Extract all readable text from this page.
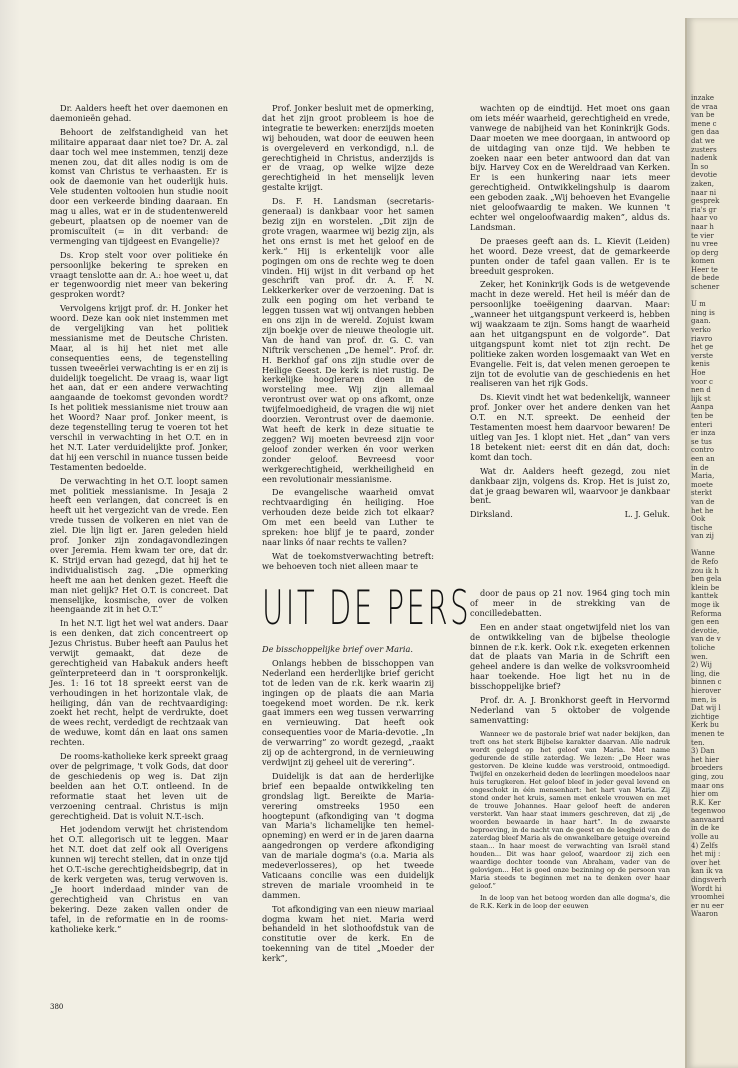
Dr. Aalders heeft het over daemonen en daemonieën gehad.

Behoort de zelfstandigheid van het militaire apparaat daar niet toe? Dr. A. zal daar toch wel mee instemmen, tenzij deze menen zou, dat dit alles nodig is om de komst van Christus te verhaasten. Er is ook de daemonie van het ouderlijk huis. Vele studenten voltooien hun studie nooit door een verkeerde binding daaraan. En mag u alles, wat er in de studentenwereld gebeurt, plaatsen op de noemer van de promiscuïteit (= in dit verband: de vermenging van tijdgeest en Evangelie)?

Ds. Krop stelt voor over politieke én persoonlijke bekering te spreken en vraagt tenslotte aan dr. A.: hoe weet u, dat er tegenwoordig niet meer van bekering gesproken wordt?

Vervolgens krijgt prof. dr. H. Jonker het woord. Deze kan ook niet instemmen met de vergelijking van het politiek messianisme met de Deutsche Christen. Maar, al is hij het niet met alle consequenties eens, de tegenstelling tussen tweeërlei verwachting is er en zij is duidelijk toegelicht. De vraag is, waar ligt het aan, dat er een andere verwachting aangaande de toekomst gevonden wordt? Is het politiek messianisme niet trouw aan het Woord? Naar prof. Jonker meent, is deze tegenstelling terug te voeren tot het verschil in verwachting in het O.T. en in het N.T. Later verduidelijkte prof. Jonker, dat hij een verschil in nuance tussen beide Testamenten bedoelde.

De verwachting in het O.T. loopt samen met politiek messianisme. In Jesaja 2 heeft een verlangen, dat concreet is en heeft uit het vergezicht van de vrede. Een vrede tussen de volkeren en niet van de ziel. Die lijn ligt er. Jaren geleden hield prof. Jonker zijn zondagavondlezingen over Jeremia. Hem kwam ter ore, dat dr. K. Strijd ervan had gezegd, dat hij het te individualistisch zag. „Die opmerking heeft me aan het denken gezet. Heeft die man niet gelijk? Het O.T. is concreet. Dat menselijke, kosmische, over de volken heengaande zit in het O.T.”

In het N.T. ligt het wel wat anders. Daar is een denken, dat zich concentreert op Jezus Christus. Buber heeft aan Paulus het verwijt gemaakt, dat deze de gerechtigheid van Habakuk anders heeft geïnterpreteerd dan in 't oorspronkelijk. Jes. 1: 16 tot 18 spreekt eerst van de verhoudingen in het horizontale vlak, de heiliging, dán van de rechtvaardiging: zoekt het recht, helpt de verdrukte, doet de wees recht, verdedigt de rechtzaak van de weduwe, komt dán en laat ons samen rechten.

De rooms-katholieke kerk spreekt graag over de pelgrimage, 't volk Gods, dat door de geschiedenis op weg is. Dat zijn beelden aan het O.T. ontleend. In de reformatie staat het leven uit de verzoening centraal. Christus is mijn gerechtigheid. Dat is voluit N.T.-isch.

Het jodendom verwijt het christendom het O.T. allegorisch uit te leggen. Maar het N.T. doet dat zelf ook all Overigens kunnen wij terecht stellen, dat in onze tijd het O.T.-ische gerechtigheidsbegrip, dat in de kerk vergeten was, terug verwoven is. „Je hoort inderdaad minder van de gerechtigheid van Christus en van bekering. Deze zaken vallen onder de tafel, in de reformatie en in de rooms-katholieke kerk.”

Prof. Jonker besluit met de opmerking, dat het zijn groot probleem is hoe de integratie te bewerken: enerzijds moeten wij behouden, wat door de eeuwen heen is overgeleverd en verkondigd, n.l. de gerechtigheid in Christus, anderzijds is er de vraag, op welke wijze deze gerechtigheid in het menselijk leven gestalte krijgt.

Ds. F. H. Landsman (secretaris-generaal) is dankbaar voor het samen bezig zijn en worstelen. „Dit zijn de grote vragen, waarmee wij bezig zijn, als het ons ernst is met het geloof en de kerk.” Hij is erkentelijk voor alle pogingen om ons de rechte weg te doen vinden. Hij wijst in dit verband op het geschrift van prof. dr. A. F. N. Lekkerkerker over de verzoening. Dat is zulk een poging om het verband te leggen tussen wat wij ontvangen hebben en ons zijn in de wereld. Zojuist kwam zijn boekje over de nieuwe theologie uit. Van de hand van prof. dr. G. C. van Niftrik verschenen „De hemel”. Prof. dr. H. Berkhof gaf ons zijn studie over de Heilige Geest. De kerk is niet rustig. De kerkelijke hoogleraren doen in de worsteling mee. Wij zijn allemaal verontrust over wat op ons afkomt, onze twijfelmoedigheid, de vragen die wij niet doorzien. Verontrust over de daemonie. Wat heeft de kerk in deze situatie te zeggen? Wij moeten bevreesd zijn voor geloof zonder werken én voor werken zonder geloof. Bevreesd voor werkgerechtigheid, werkheiligheid en een revolutionair messianisme.

De evangelische waarheid omvat rechtvaardiging én heiliging. Hoe verhouden deze beide zich tot elkaar? Om met een beeld van Luther te spreken: hoe blijf je te paard, zonder naar links óf naar rechts te vallen?

Wat de toekomstverwachting betreft: we behoeven toch niet alleen maar te

wachten op de eindtijd. Het moet ons gaan om iets méér waarheid, gerechtigheid en vrede, vanwege de nabijheid van het Koninkrijk Gods. Daar moeten we mee doorgaan, in antwoord op de uitdaging van onze tijd. We hebben te zoeken naar een beter antwoord dan dat van bijv. Harvey Cox en de Wereldraad van Kerken. Er is een hunkering naar iets meer gerechtigheid. Ontwikkelingshulp is daarom een geboden zaak. „Wij behoeven het Evangelie niet geloofwaardig te maken. We kunnen 't echter wel ongeloofwaardig maken”, aldus ds. Landsman.

De praeses geeft aan ds. L. Kievit (Leiden) het woord. Deze vreest, dat de gemarkeerde punten onder de tafel gaan vallen. Er is te breeduit gesproken.

Zeker, het Koninkrijk Gods is de wetgevende macht in deze wereld. Het heil is méér dan de persoonlijke toeëigening daarvan. Maar: „wanneer het uitgangspunt verkeerd is, hebben wij waakzaam te zijn. Soms hangt de waarheid aan het uitgangspunt en de volgorde”. Dat uitgangspunt komt niet tot zijn recht. De politieke zaken worden losgemaakt van Wet en Evangelie. Feit is, dat velen menen geroepen te zijn tot de evolutie van de geschiedenis en het realiseren van het rijk Gods.

Ds. Kievit vindt het wat bedenkelijk, wanneer prof. Jonker over het andere denken van het O.T. en N.T. spreekt. De eenheid der Testamenten moest hem daarvoor bewaren! De uitleg van Jes. 1 klopt niet. Het „dan” van vers 18 betekent niet: eerst dit en dán dat, doch: komt dan toch.

Wat dr. Aalders heeft gezegd, zou niet dankbaar zijn, volgens ds. Krop. Het is juist zo, dat je graag bewaren wil, waarvoor je dankbaar bent.

Dirksland.	L. J. Geluk.

UIT DE PERS

De bisschoppelijke brief over Maria.

Onlangs hebben de bisschoppen van Nederland een herderlijke brief gericht tot de leden van de r.k. kerk waarin zij ingingen op de plaats die aan Maria toegekend moet worden. De r.k. kerk gaat immers een weg tussen verwarring en vernieuwing. Dat heeft ook consequenties voor de Maria-devotie. „In de verwarring” zo wordt gezegd, „raakt zij op de achtergrond, in de vernieuwing verdwijnt zij geheel uit de verering”.

Duidelijk is dat aan de herderlijke brief een bepaalde ontwikkeling ten grondslag ligt. Bereikte de Maria-verering omstreeks 1950 een hoogtepunt (afkondiging van 't dogma van Maria's lichamelijke ten hemel-opneming) en werd er in de jaren daarna aangedrongen op verdere afkondiging van de mariale dogma's (o.a. Maria als medeverlosseres), op het tweede Vaticaans concilie was een duidelijk streven de mariale vroomheid in te dammen.

Tot afkondiging van een nieuw mariaal dogma kwam het niet. Maria werd behandeld in het slothoofdstuk van de constitutie over de kerk. En de toekenning van de titel „Moeder der kerk”,

door de paus op 21 nov. 1964 ging toch min of meer in de strekking van de concilledebatten.

Een en ander staat ongetwijfeld niet los van de ontwikkeling van de bijbelse theologie binnen de r.k. kerk. Ook r.k. exegeten erkennen dat de plaats van Maria in de Schrift een geheel andere is dan welke de volksvroomheid haar toekende. Hoe ligt het nu in de bisschoppelijke brief?

Prof. dr. A. J. Bronkhorst geeft in Hervormd Nederland van 5 oktober de volgende samenvatting:

Wanneer we de pastorale brief wat nader bekijken, dan treft ons het sterk Bijbelse karakter daarvan. Alle nadruk wordt gelegd op het geloof van Maria. Met name gedurende de stille zaterdag. We lezen: „De Heer was gestorven. De kleine kudde was verstrooid, ontmoedigd. Twijfel en onzekerheid deden de leerlingen moedeloos naar huis terugkeren. Het geloof bleef in jeder geval levend en ongeschokt in één mensenhart: het hart van Maria. Zij stond onder het kruis, samen met enkele vrouwen en met de trouwe Johannes. Haar geloof heeft de anderen versterkt. Van haar staat immers geschreven, dat zij „de woorden bewaarde in haar hart”. In de zwaarste beproeving, in de nacht van de geest en de leegheid van de zaterdag bleef Maria als de onwankelbare getuige overeind staan... In haar moest de verwachting van Israël stand houden... Dit was haar geloof, waardoor zij zich een waardige dochter toonde van Abraham, vader van de gelovigen... Het is goed onze bezinning op de persoon van Maria steeds te beginnen met na te denken over haar geloof.”

In de loop van het betoog worden dan alle dogma's, die de R.K. Kerk in de loop der eeuwen

380

inzake

de vraa

van be

mene c

gen daa

dat we

zusters

nadenk

In so

devotie

zaken,

naar ni

gesprek

ria's gr

haar vo

naar h

te vier

nu vree

op derg

komen

Heer te

de bede

schener

U m

ning is

gaan.

verko

riavro

het ge

verste

kenis

Hoe

voor c

nen d

lijk st

Aanpa

ten be

enteri

er inza

se tus

contro

een an

in de

Maria,

moete

sterkt

van de

het he

Ook

tische

van zij

Wanne

de Refo

zou ik h

ben gela

klein be

kanttek

moge ik

Reforma

gen een

devotie,

van de v

toliche

wen.

2) Wij

ling, die

binnen c

hierover

men, is

Dat wij l

zichtige

Kerk bu

menen te

ten.

3) Dan

het hier

broeders

ging, zou

maar ons

hier om

R.K. Ker

tegenwoo

aanvaard

in de ke

volle au

4) Zelfs

het mij :

over het

kan ik va

dingsverh

Wordt hi

vroomhei

er nu eer

Waaron
